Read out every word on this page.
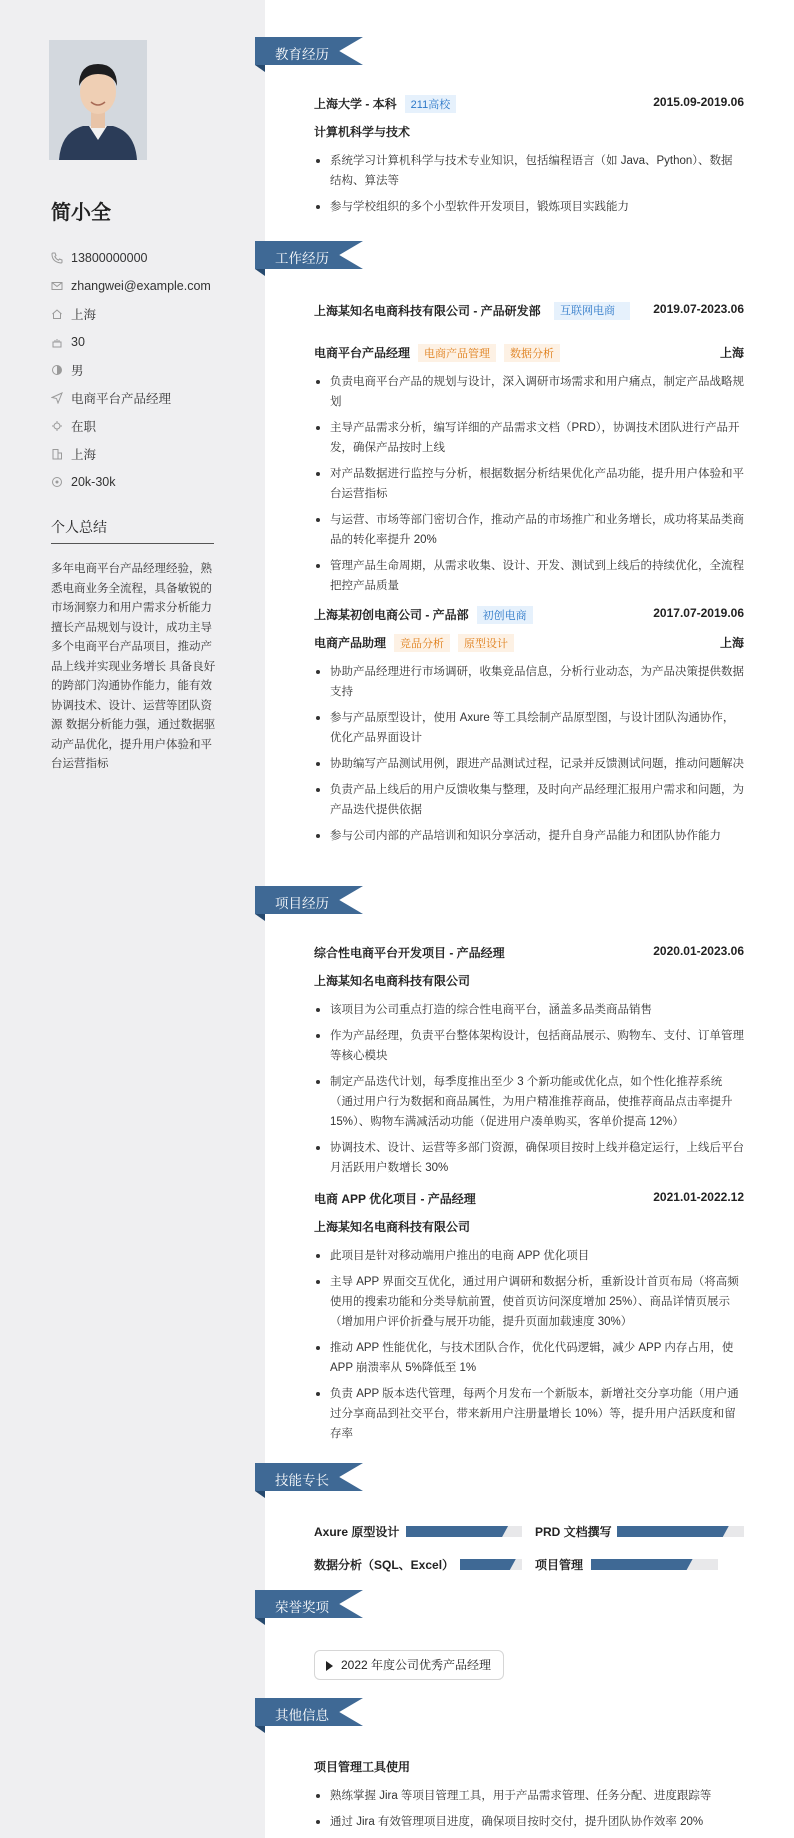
简小全
13800000000
zhangwei@example.com
上海
30
男
电商平台产品经理
在职
上海
20k-30k
个人总结
多年电商平台产品经理经验，熟悉电商业务全流程，具备敏锐的市场洞察力和用户需求分析能力 擅长产品规划与设计，成功主导多个电商平台产品项目，推动产品上线并实现业务增长 具备良好的跨部门沟通协作能力，能有效协调技术、设计、运营等团队资源 数据分析能力强，通过数据驱动产品优化，提升用户体验和平台运营指标
教育经历
上海大学 - 本科 211高校	2015.09-2019.06
计算机科学与技术
系统学习计算机科学与技术专业知识，包括编程语言（如 Java、Python）、数据结构、算法等
参与学校组织的多个小型软件开发项目，锻炼项目实践能力
工作经历
上海某知名电商科技有限公司 - 产品研发部	互联网电商	2019.07-2023.06
电商平台产品经理 电商产品管理 数据分析	上海
负责电商平台产品的规划与设计，深入调研市场需求和用户痛点，制定产品战略规划
主导产品需求分析，编写详细的产品需求文档（PRD），协调技术团队进行产品开发，确保产品按时上线
对产品数据进行监控与分析，根据数据分析结果优化产品功能，提升用户体验和平台运营指标
与运营、市场等部门密切合作，推动产品的市场推广和业务增长，成功将某品类商品的转化率提升 20%
管理产品生命周期，从需求收集、设计、开发、测试到上线后的持续优化，全流程把控产品质量
上海某初创电商公司 - 产品部 初创电商	2017.07-2019.06
电商产品助理 竞品分析 原型设计	上海
协助产品经理进行市场调研，收集竞品信息，分析行业动态，为产品决策提供数据支持
参与产品原型设计，使用 Axure 等工具绘制产品原型图，与设计团队沟通协作，优化产品界面设计
协助编写产品测试用例，跟进产品测试过程，记录并反馈测试问题，推动问题解决
负责产品上线后的用户反馈收集与整理，及时向产品经理汇报用户需求和问题，为产品迭代提供依据
参与公司内部的产品培训和知识分享活动，提升自身产品能力和团队协作能力
项目经历
综合性电商平台开发项目 - 产品经理	2020.01-2023.06
上海某知名电商科技有限公司
该项目为公司重点打造的综合性电商平台，涵盖多品类商品销售
作为产品经理，负责平台整体架构设计，包括商品展示、购物车、支付、订单管理等核心模块
制定产品迭代计划，每季度推出至少 3 个新功能或优化点，如个性化推荐系统（通过用户行为数据和商品属性，为用户精准推荐商品，使推荐商品点击率提升 15%）、购物车满减活动功能（促进用户凑单购买，客单价提高 12%）
协调技术、设计、运营等多部门资源，确保项目按时上线并稳定运行，上线后平台月活跃用户数增长 30%
电商 APP 优化项目 - 产品经理	2021.01-2022.12
上海某知名电商科技有限公司
此项目是针对移动端用户推出的电商 APP 优化项目
主导 APP 界面交互优化，通过用户调研和数据分析，重新设计首页布局（将高频使用的搜索功能和分类导航前置，使首页访问深度增加 25%）、商品详情页展示（增加用户评价折叠与展开功能，提升页面加载速度 30%）
推动 APP 性能优化，与技术团队合作，优化代码逻辑，减少 APP 内存占用，使 APP 崩溃率从 5%降低至 1%
负责 APP 版本迭代管理，每两个月发布一个新版本，新增社交分享功能（用户通过分享商品到社交平台，带来新用户注册量增长 10%）等，提升用户活跃度和留存率
技能专长
Axure 原型设计	PRD 文档撰写
数据分析（SQL、Excel）	项目管理
荣誉奖项
2022 年度公司优秀产品经理
其他信息
项目管理工具使用
熟练掌握 Jira 等项目管理工具，用于产品需求管理、任务分配、进度跟踪等
通过 Jira 有效管理项目进度，确保项目按时交付，提升团队协作效率 20%
